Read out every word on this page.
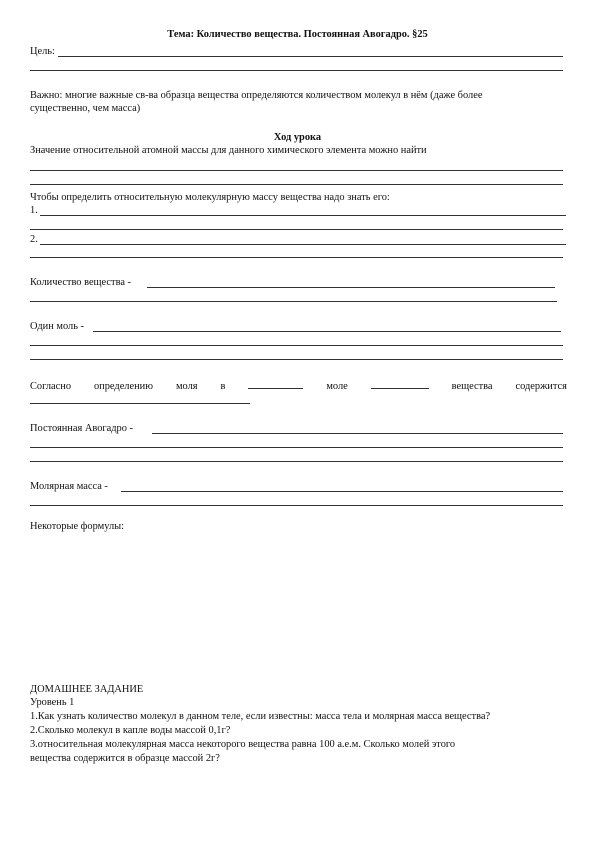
Тема: Количество вещества. Постоянная Авогадро. §25
Цель:
Важно: многие важные св-ва образца вещества определяются количеством молекул в нём (даже более
существенно, чем масса)
Ход урока
Значение относительной атомной массы для данного химического элемента можно найти
Чтобы определить относительную молекулярную массу вещества надо знать его:
1.
2.
Количество вещества -
Один моль -
Согласно определению моля в	моле	вещества содержится
Постоянная Авогадро -
Молярная масса -
Некоторые формулы:
ДОМАШНЕЕ ЗАДАНИЕ
Уровень 1
1.Как узнать количество молекул в данном теле, если известны: масса тела и молярная масса вещества?
2.Сколько молекул в капле воды массой 0,1г?
3.относительная молекулярная масса некоторого вещества равна 100 а.е.м. Сколько молей этого
вещества содержится в образце массой 2г?
